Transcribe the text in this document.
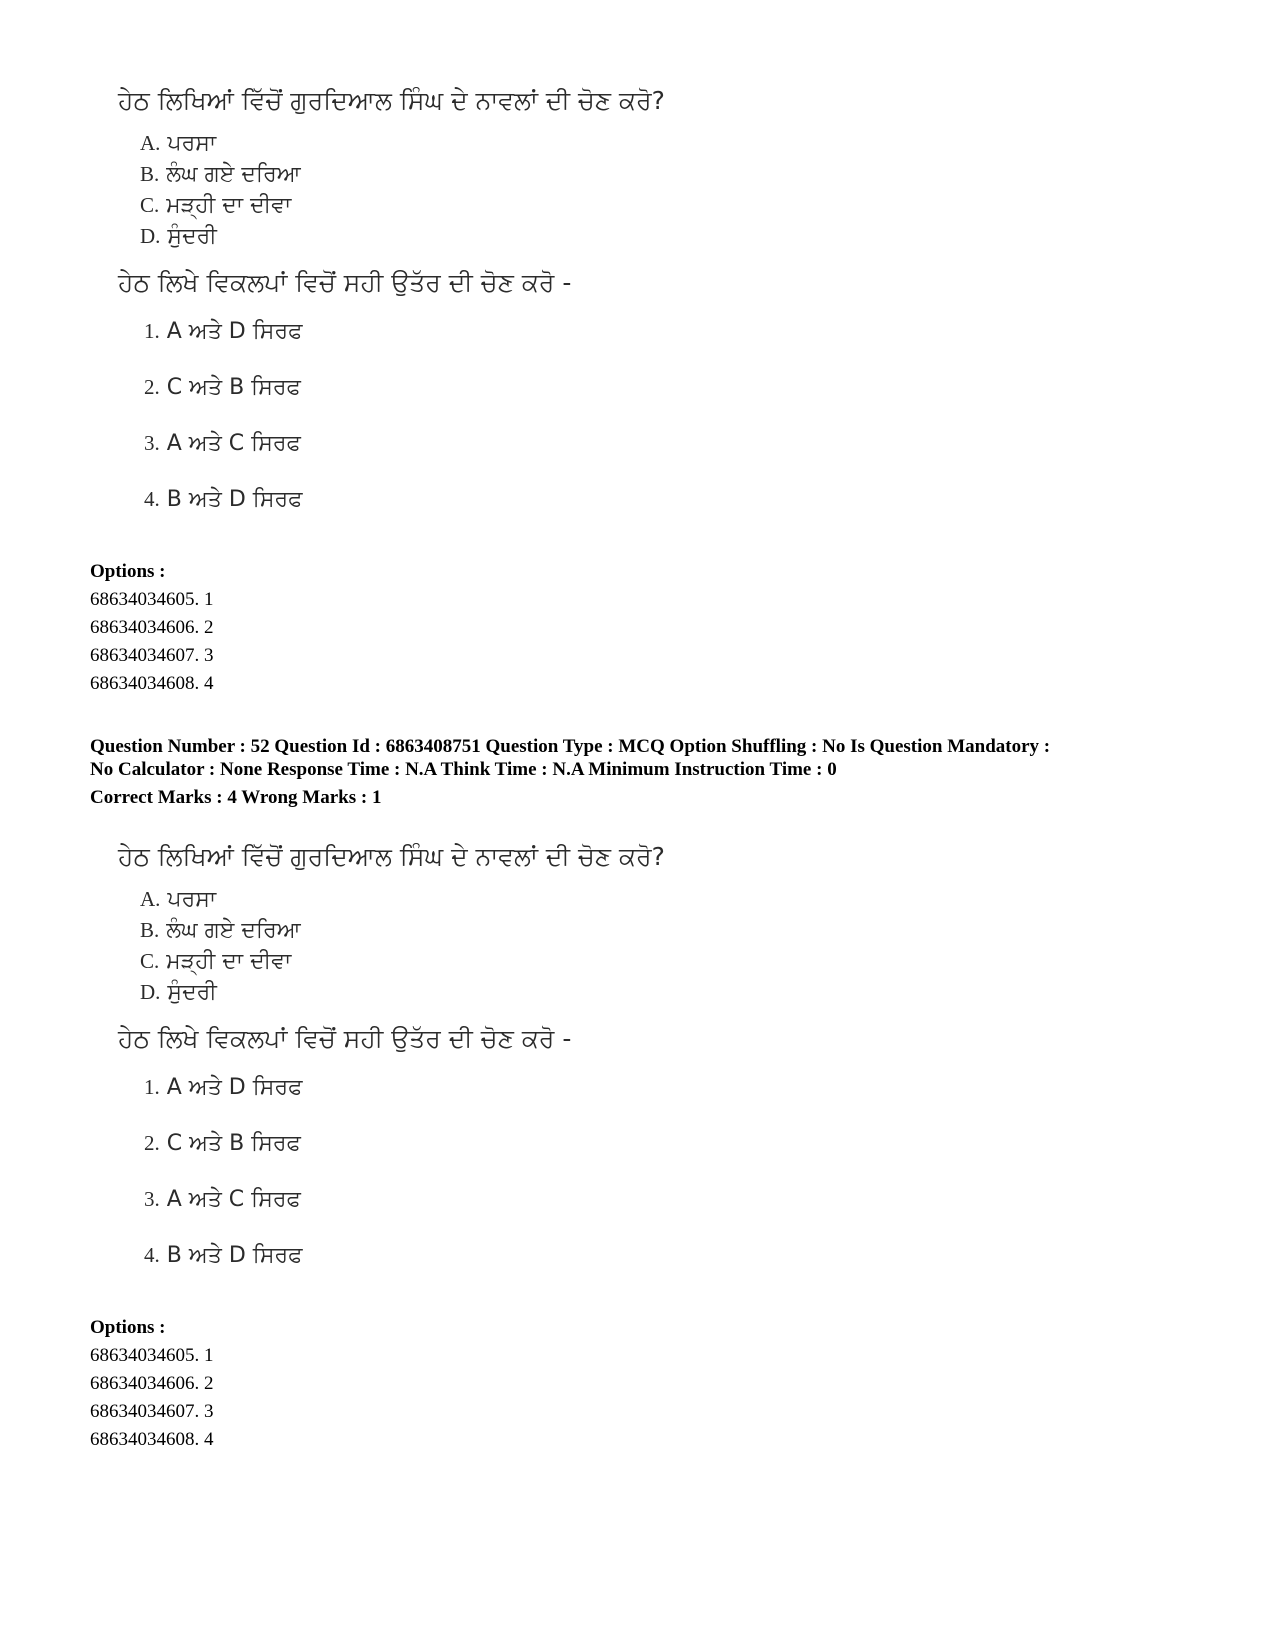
ਹੇਠ ਲਿਖਿਆਂ ਵਿੱਚੋਂ ਗੁਰਦਿਆਲ ਸਿੰਘ ਦੇ ਨਾਵਲਾਂ ਦੀ ਚੋਣ ਕਰੋ?

A. ਪਰਸਾ
B. ਲੰਘ ਗਏ ਦਰਿਆ
C. ਮੜ੍ਹੀ ਦਾ ਦੀਵਾ
D. ਸੁੰਦਰੀ

ਹੇਠ ਲਿਖੇ ਵਿਕਲਪਾਂ ਵਿਚੋਂ ਸਹੀ ਉਤੱਰ ਦੀ ਚੋਣ ਕਰੋ -

1. A ਅਤੇ D ਸਿਰਫ
2. C ਅਤੇ B ਸਿਰਫ
3. A ਅਤੇ C ਸਿਰਫ
4. B ਅਤੇ D ਸਿਰਫ
Options :
68634034605. 1
68634034606. 2
68634034607. 3
68634034608. 4
Question Number : 52 Question Id : 6863408751 Question Type : MCQ Option Shuffling : No Is Question Mandatory :
No Calculator : None Response Time : N.A Think Time : N.A Minimum Instruction Time : 0
Correct Marks : 4 Wrong Marks : 1

ਹੇਠ ਲਿਖਿਆਂ ਵਿੱਚੋਂ ਗੁਰਦਿਆਲ ਸਿੰਘ ਦੇ ਨਾਵਲਾਂ ਦੀ ਚੋਣ ਕਰੋ?

A. ਪਰਸਾ
B. ਲੰਘ ਗਏ ਦਰਿਆ
C. ਮੜ੍ਹੀ ਦਾ ਦੀਵਾ
D. ਸੁੰਦਰੀ

ਹੇਠ ਲਿਖੇ ਵਿਕਲਪਾਂ ਵਿਚੋਂ ਸਹੀ ਉਤੱਰ ਦੀ ਚੋਣ ਕਰੋ -

1. A ਅਤੇ D ਸਿਰਫ
2. C ਅਤੇ B ਸਿਰਫ
3. A ਅਤੇ C ਸਿਰਫ
4. B ਅਤੇ D ਸਿਰਫ
Options :
68634034605. 1
68634034606. 2
68634034607. 3
68634034608. 4
